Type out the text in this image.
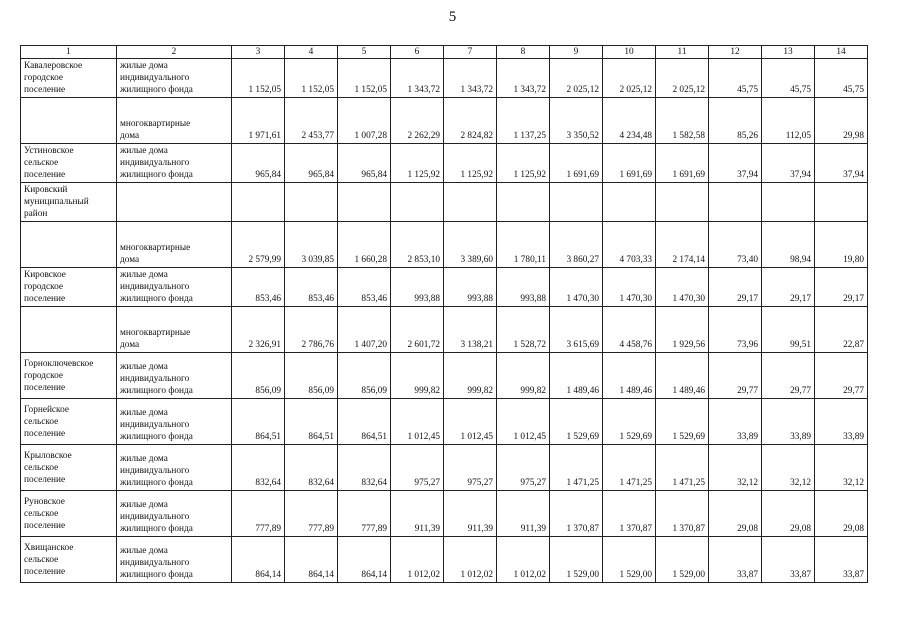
5
1	2	3	4	5	6	7	8	9	10	11	12	13	14
Кавалеровское
городское
поселение	жилые дома
индивидуального
жилищного фонда	1 152,05	1 152,05	1 152,05	1 343,72	1 343,72	1 343,72	2 025,12	2 025,12	2 025,12	45,75	45,75	45,75
	многоквартирные
дома	1 971,61	2 453,77	1 007,28	2 262,29	2 824,82	1 137,25	3 350,52	4 234,48	1 582,58	85,26	112,05	29,98
Устиновское
сельское
поселение	жилые дома
индивидуального
жилищного фонда	965,84	965,84	965,84	1 125,92	1 125,92	1 125,92	1 691,69	1 691,69	1 691,69	37,94	37,94	37,94
Кировский
муниципальный
район													
	многоквартирные
дома	2 579,99	3 039,85	1 660,28	2 853,10	3 389,60	1 780,11	3 860,27	4 703,33	2 174,14	73,40	98,94	19,80
Кировское
городское
поселение	жилые дома
индивидуального
жилищного фонда	853,46	853,46	853,46	993,88	993,88	993,88	1 470,30	1 470,30	1 470,30	29,17	29,17	29,17
	многоквартирные
дома	2 326,91	2 786,76	1 407,20	2 601,72	3 138,21	1 528,72	3 615,69	4 458,76	1 929,56	73,96	99,51	22,87
Горноключевское
городское
поселение	жилые дома
индивидуального
жилищного фонда	856,09	856,09	856,09	999,82	999,82	999,82	1 489,46	1 489,46	1 489,46	29,77	29,77	29,77
Горнейское
сельское
поселение	жилые дома
индивидуального
жилищного фонда	864,51	864,51	864,51	1 012,45	1 012,45	1 012,45	1 529,69	1 529,69	1 529,69	33,89	33,89	33,89
Крыловское
сельское
поселение	жилые дома
индивидуального
жилищного фонда	832,64	832,64	832,64	975,27	975,27	975,27	1 471,25	1 471,25	1 471,25	32,12	32,12	32,12
Руновское
сельское
поселение	жилые дома
индивидуального
жилищного фонда	777,89	777,89	777,89	911,39	911,39	911,39	1 370,87	1 370,87	1 370,87	29,08	29,08	29,08
Хвищанское
сельское
поселение	жилые дома
индивидуального
жилищного фонда	864,14	864,14	864,14	1 012,02	1 012,02	1 012,02	1 529,00	1 529,00	1 529,00	33,87	33,87	33,87
